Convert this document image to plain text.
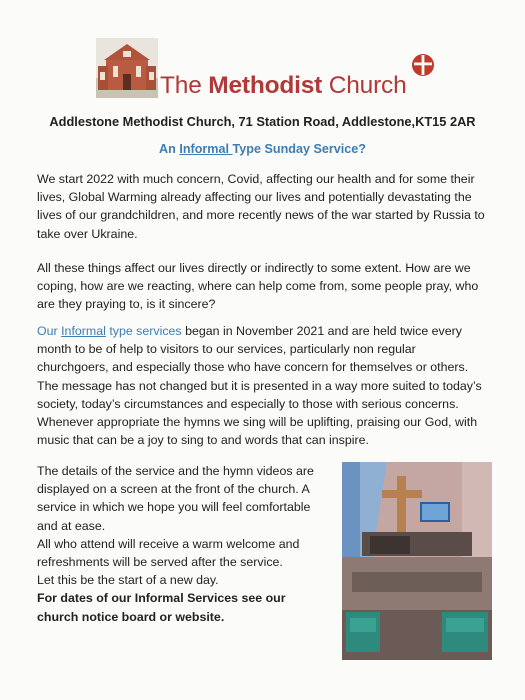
The Methodist Church
Addlestone Methodist Church, 71 Station Road, Addlestone,KT15 2AR
An Informal Type Sunday Service?
We start 2022 with much concern, Covid, affecting our health and for some their lives, Global Warming already affecting our lives and potentially devastating the lives of our grandchildren, and more recently news of the war started by Russia to take over Ukraine.
All these things affect our lives directly or indirectly to some extent. How are we coping, how are we reacting, where can help come from, some people pray, who are they praying to, is it sincere?
Our Informal type services began in November 2021 and are held twice every month to be of help to visitors to our services, particularly non regular churchgoers, and especially those who have concern for themselves or others. The message has not changed but it is presented in a way more suited to today’s society, today’s circumstances and especially to those with serious concerns. Whenever appropriate the hymns we sing will be uplifting, praising our God, with music that can be a joy to sing to and words that can inspire.
The details of the service and the hymn videos are displayed on a screen at the front of the church. A service in which we hope you will feel comfortable and at ease.
All who attend will receive a warm welcome and refreshments will be served after the service.
Let this be the start of a new day.
For dates of our Informal Services see our church notice board or website.
